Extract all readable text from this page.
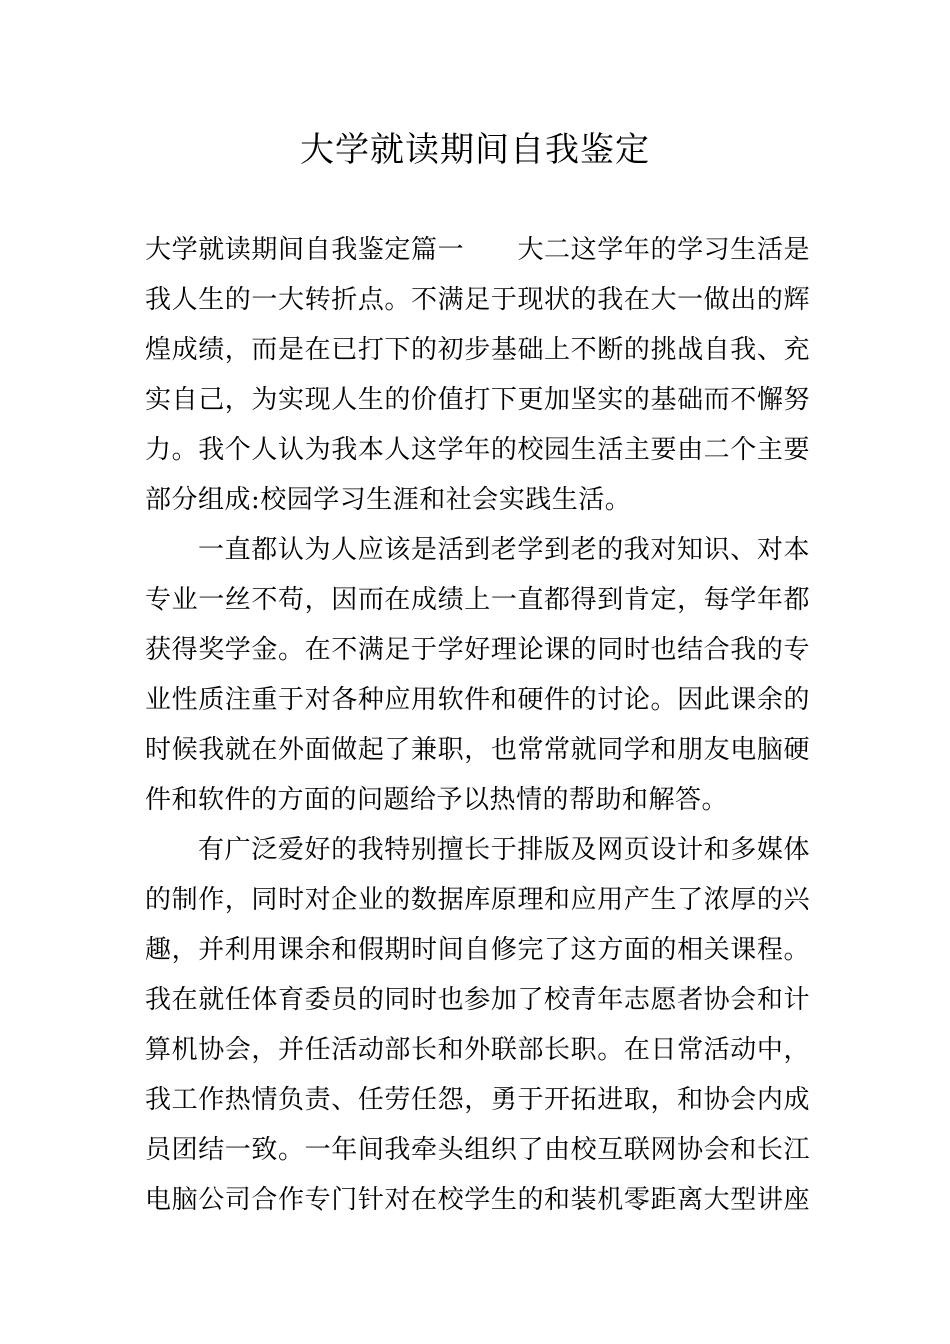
大学就读期间自我鉴定
大学就读期间自我鉴定篇一　　大二这学年的学习生活是
我人生的一大转折点。不满足于现状的我在大一做出的辉
煌成绩，而是在已打下的初步基础上不断的挑战自我、充
实自己，为实现人生的价值打下更加坚实的基础而不懈努
力。我个人认为我本人这学年的校园生活主要由二个主要
部分组成:校园学习生涯和社会实践生活。
一直都认为人应该是活到老学到老的我对知识、对本
专业一丝不苟，因而在成绩上一直都得到肯定，每学年都
获得奖学金。在不满足于学好理论课的同时也结合我的专
业性质注重于对各种应用软件和硬件的讨论。因此课余的
时候我就在外面做起了兼职，也常常就同学和朋友电脑硬
件和软件的方面的问题给予以热情的帮助和解答。
有广泛爱好的我特别擅长于排版及网页设计和多媒体
的制作，同时对企业的数据库原理和应用产生了浓厚的兴
趣，并利用课余和假期时间自修完了这方面的相关课程。
我在就任体育委员的同时也参加了校青年志愿者协会和计
算机协会，并任活动部长和外联部长职。在日常活动中，
我工作热情负责、任劳任怨，勇于开拓进取，和协会内成
员团结一致。一年间我牵头组织了由校互联网协会和长江
电脑公司合作专门针对在校学生的和装机零距离大型讲座
